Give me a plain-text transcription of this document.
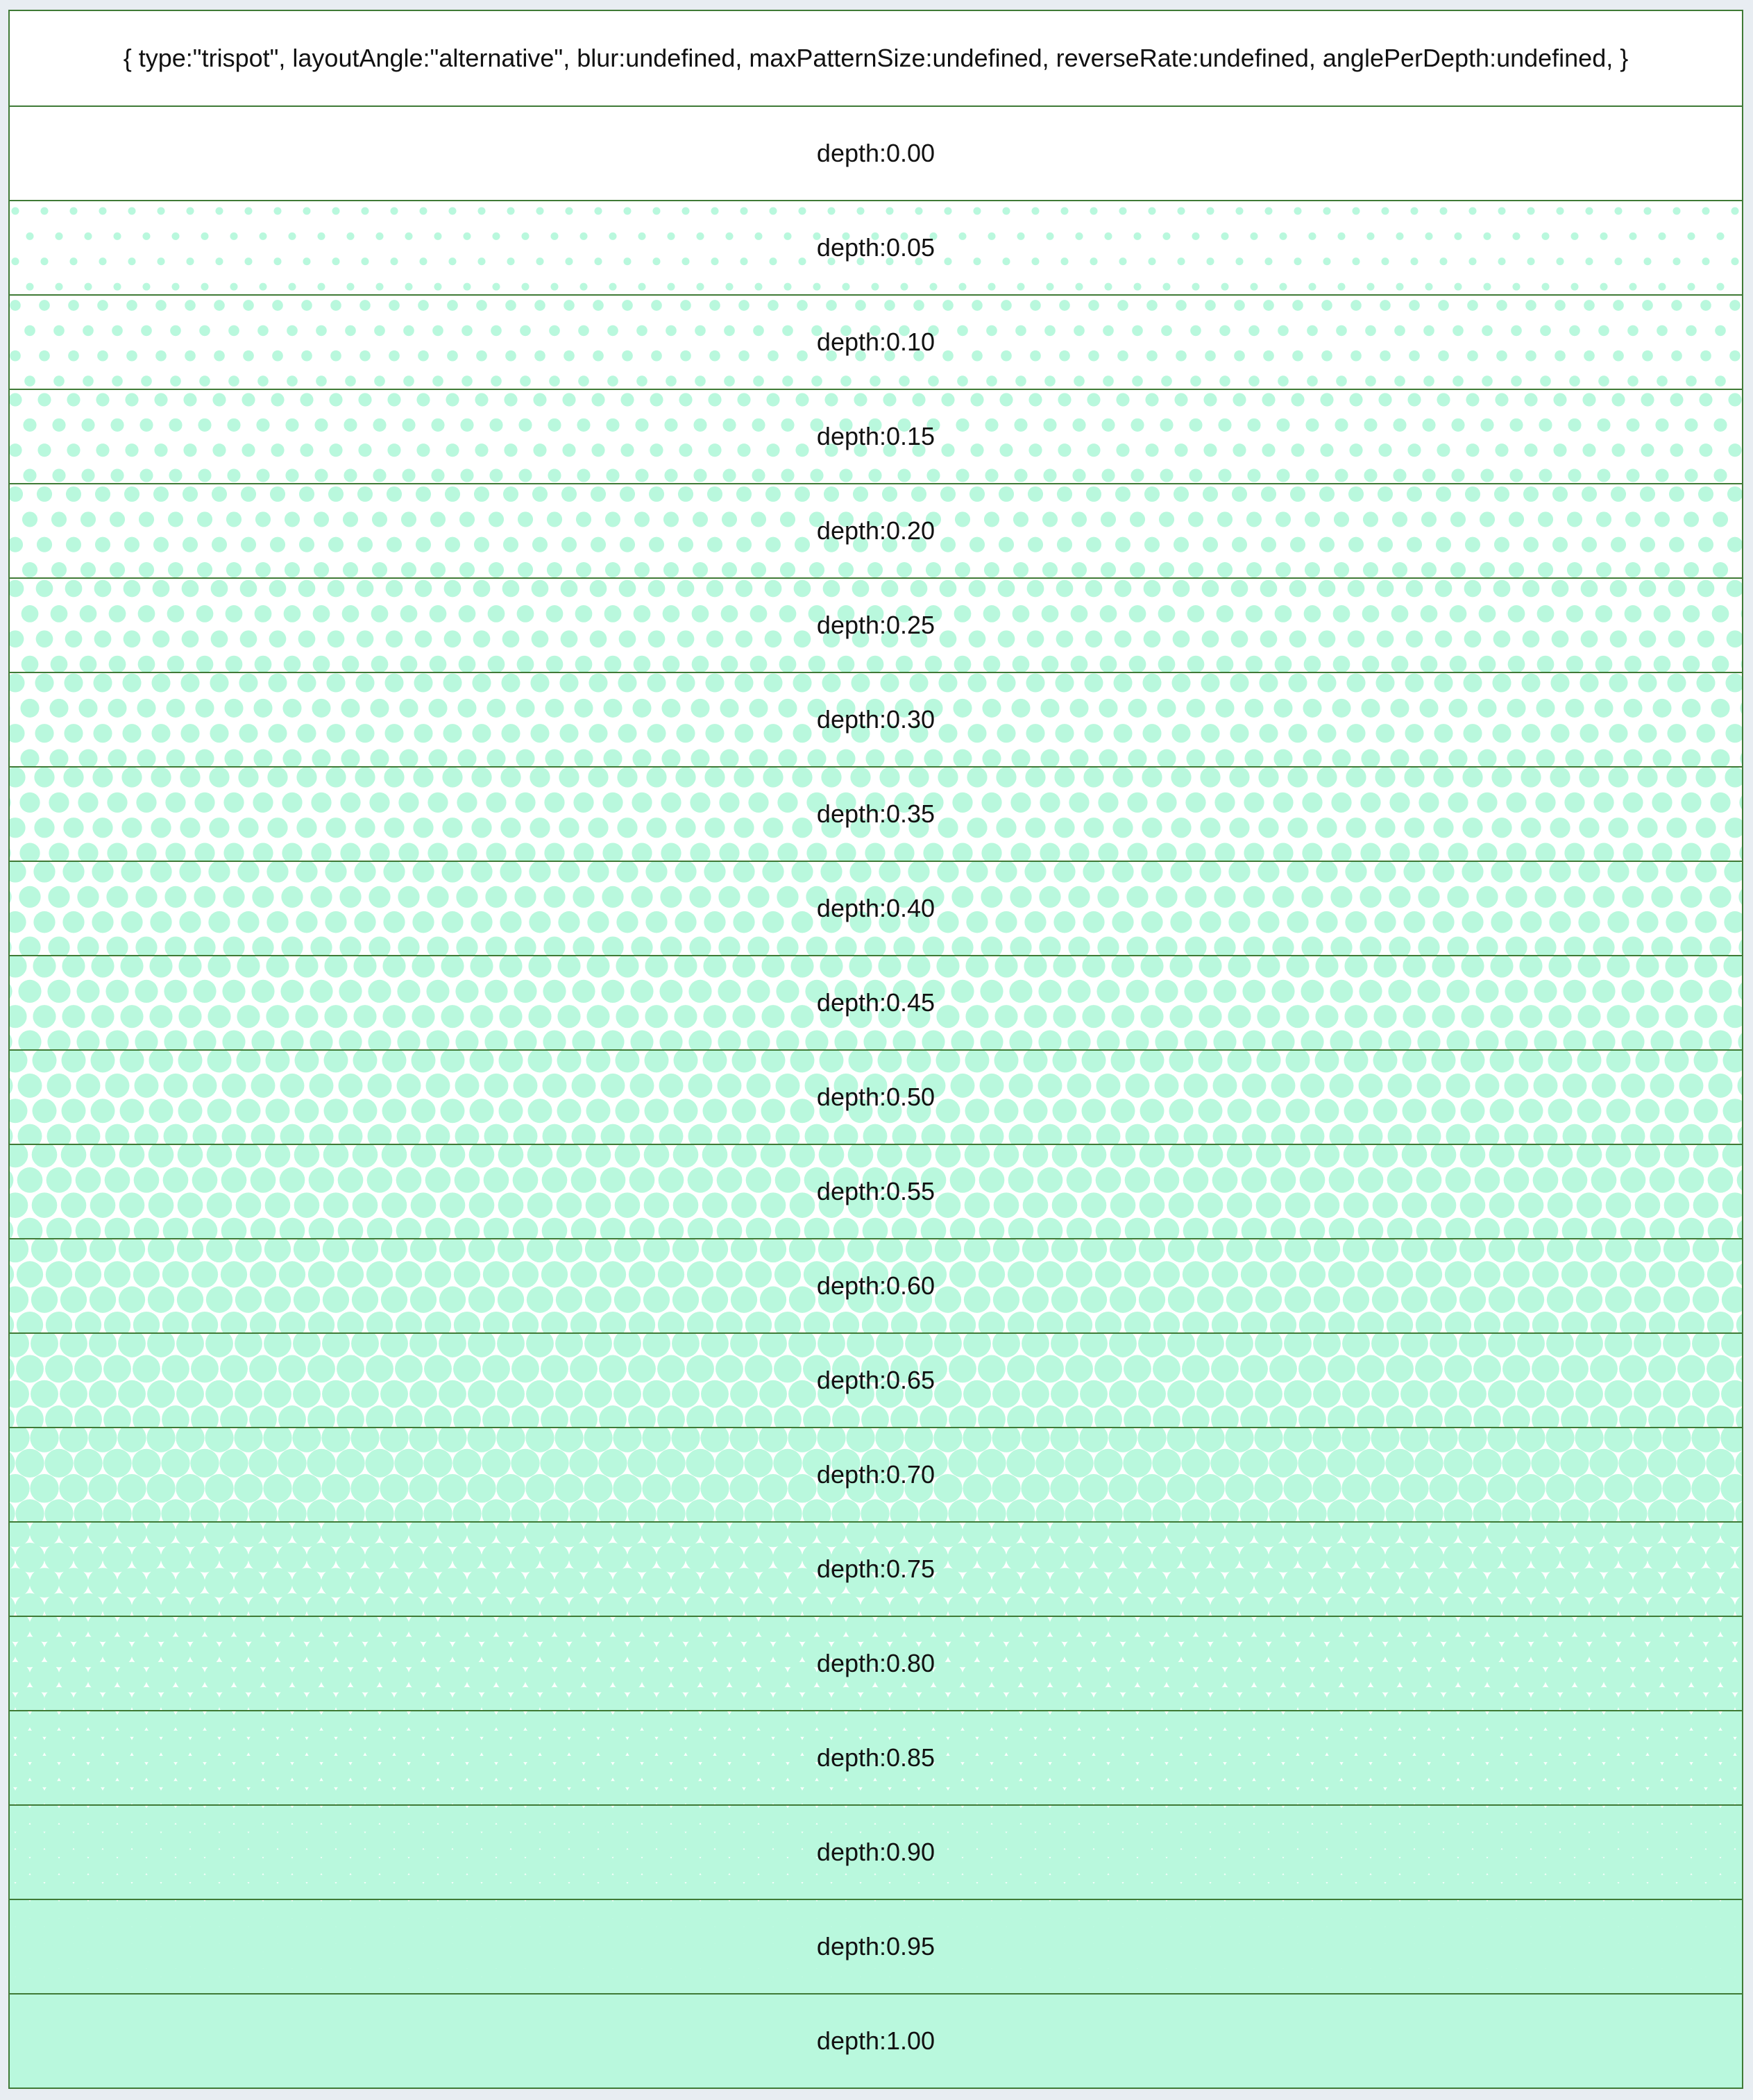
{ type:"trispot", layoutAngle:"alternative", blur:undefined, maxPatternSize:undefined, reverseRate:undefined, anglePerDepth:undefined, }
depth:0.00
depth:0.05
depth:0.10
depth:0.15
depth:0.20
depth:0.25
depth:0.30
depth:0.35
depth:0.40
depth:0.45
depth:0.50
depth:0.55
depth:0.60
depth:0.65
depth:0.70
depth:0.75
depth:0.80
depth:0.85
depth:0.90
depth:0.95
depth:1.00
